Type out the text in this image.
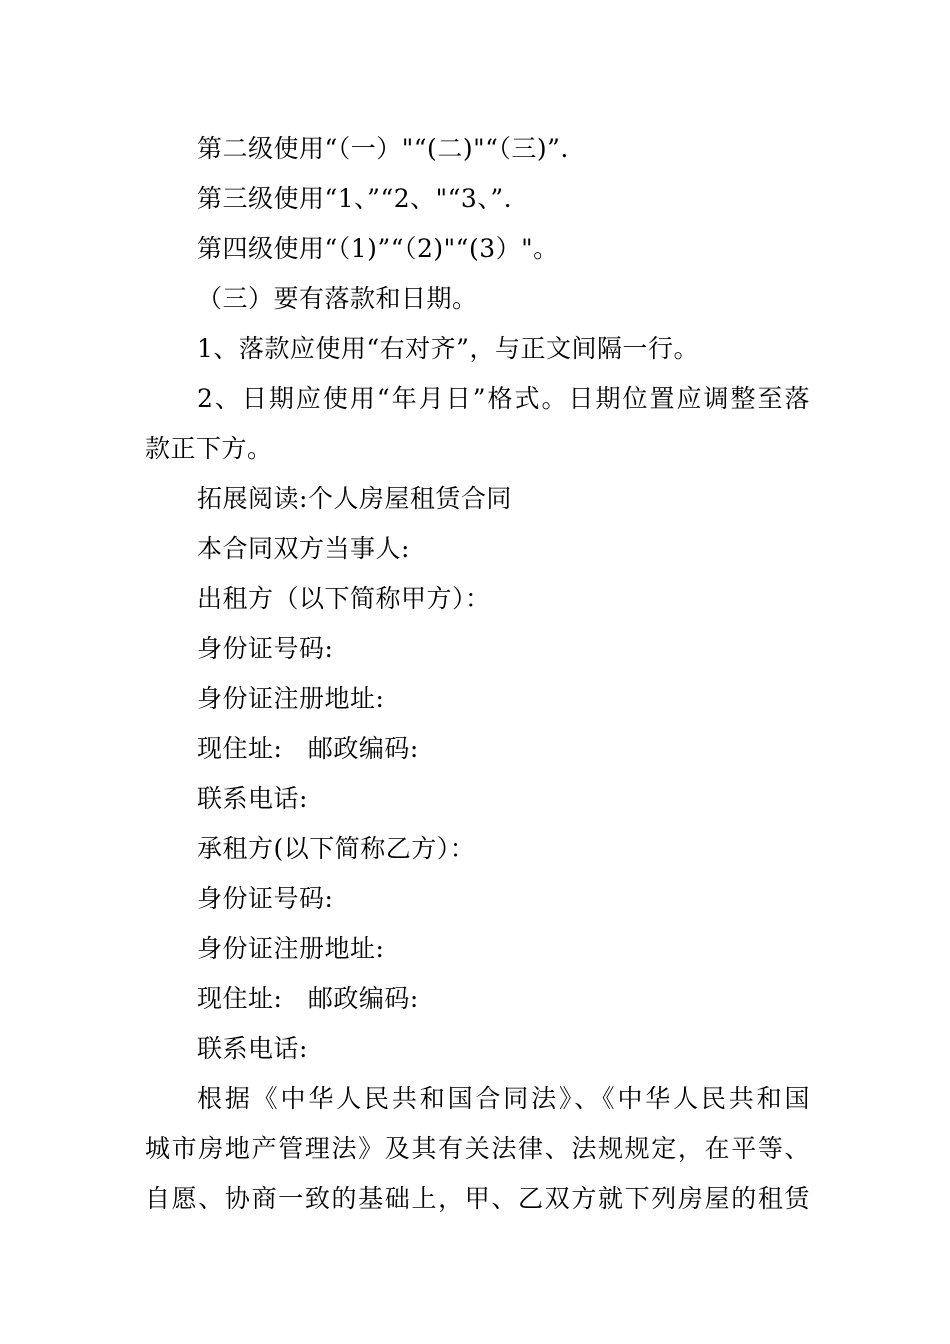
第二级使用“（一）"“(二)"“（三)”.
第三级使用“1、”“2、"“3、”.
第四级使用“（1)”“（2)"“(3）"。
（三）要有落款和日期。
1、落款应使用“右对齐”，与正文间隔一行。
2、日期应使用“年月日”格式。日期位置应调整至落
款正下方。
拓展阅读:个人房屋租赁合同
本合同双方当事人:
出租方（以下简称甲方）：
身份证号码:
身份证注册地址:
现住址:　邮政编码:
联系电话:
承租方(以下简称乙方）：
身份证号码:
身份证注册地址:
现住址:　邮政编码:
联系电话:
根据《中华人民共和国合同法》、《中华人民共和国
城市房地产管理法》及其有关法律、法规规定，在平等、
自愿、协商一致的基础上，甲、乙双方就下列房屋的租赁
